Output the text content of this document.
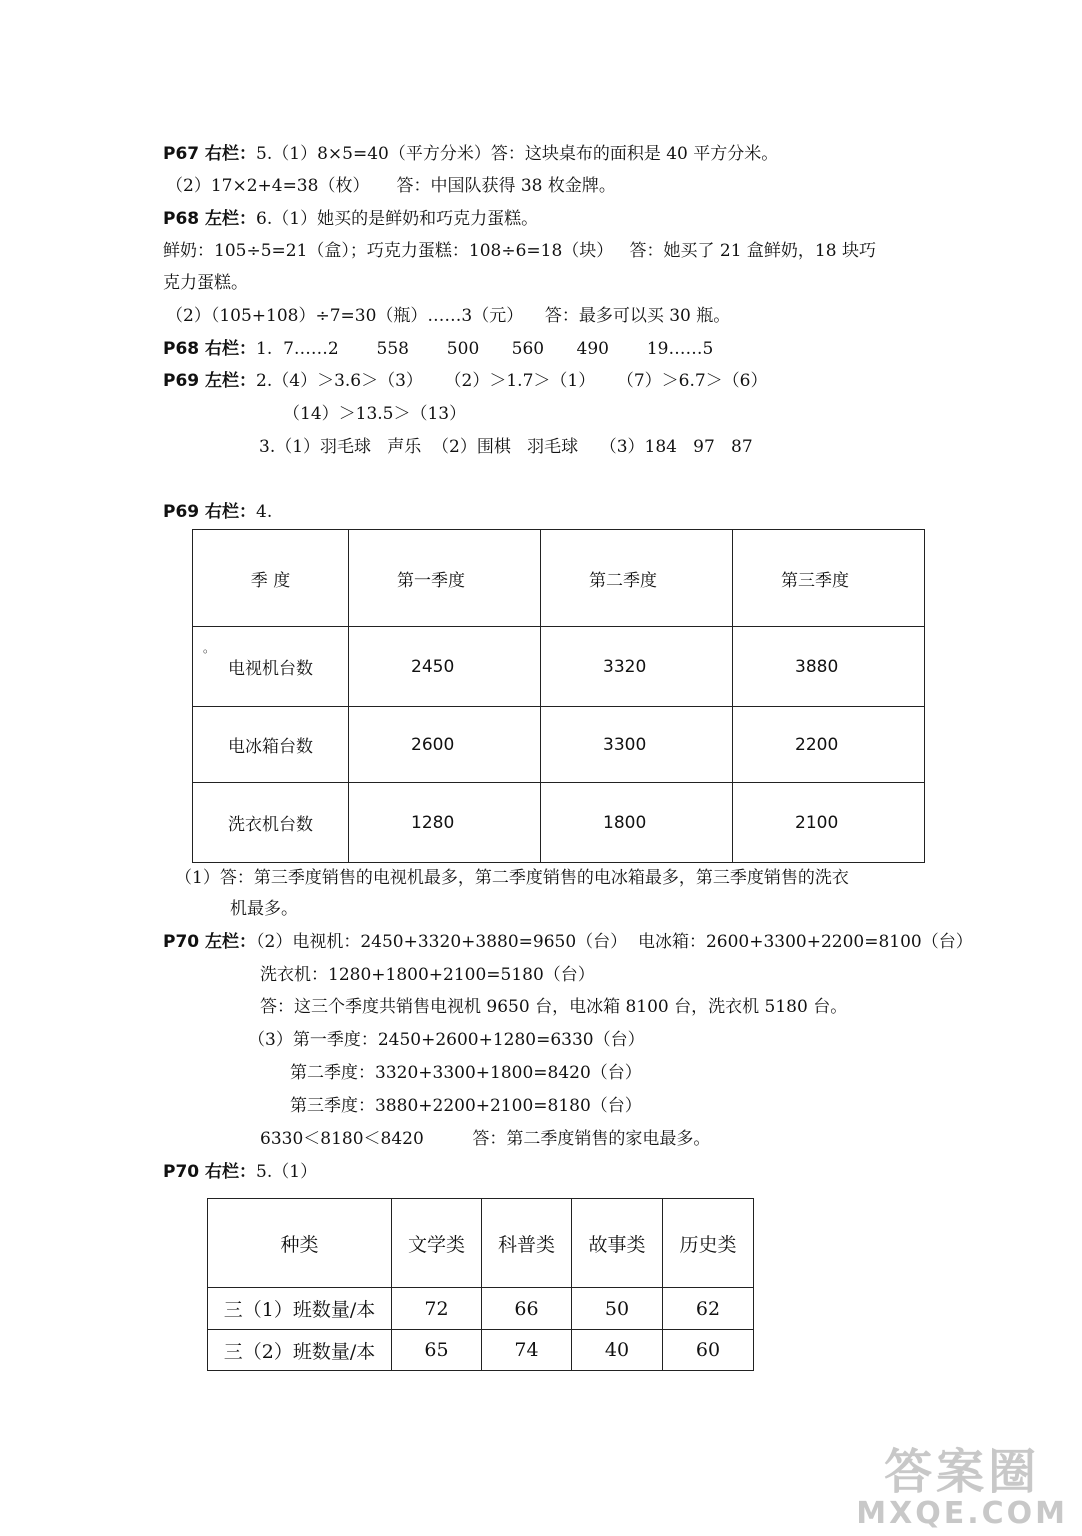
P67 右栏：5.（1）8×5=40（平方分米）答：这块桌布的面积是 40 平方分米。
（2）17×2+4=38（枚）     答：中国队获得 38 枚金牌。
P68 左栏：6.（1）她买的是鲜奶和巧克力蛋糕。
鲜奶：105÷5=21（盒）；巧克力蛋糕：108÷6=18（块）   答：她买了 21 盒鲜奶，18 块巧
克力蛋糕。
（2）（105+108）÷7=30（瓶）……3（元）    答：最多可以买 30 瓶。
P68 右栏：1.  7……2       558       500      560      490       19……5
P69 左栏：2.（4）＞3.6＞（3）    （2）＞1.7＞（1）    （7）＞6.7＞（6）
（14）＞13.5＞（13）
3.（1）羽毛球   声乐  （2）围棋   羽毛球    （3）184   97   87
P69 右栏：4.
季 度	第一季度	第二季度	第三季度

。
电视机台数	2450	3320	3880
电冰箱台数	2600	3300	2200
洗衣机台数	1280	1800	2100
（1）答：第三季度销售的电视机最多，第二季度销售的电冰箱最多，第三季度销售的洗衣
机最多。
P70 左栏：（2）电视机：2450+3320+3880=9650（台）  电冰箱：2600+3300+2200=8100（台）
洗衣机：1280+1800+2100=5180（台）
答：这三个季度共销售电视机 9650 台，电冰箱 8100 台，洗衣机 5180 台。
（3）第一季度：2450+2600+1280=6330（台）
第二季度：3320+3300+1800=8420（台）
第三季度：3880+2200+2100=8180（台）
6330＜8180＜8420         答：第二季度销售的家电最多。
P70 右栏：5.（1）
种类	文学类	科普类	故事类	历史类
三（1）班数量/本	72	66	50	62
三（2）班数量/本	65	74	40	60
答案圈
MXQE.COM
